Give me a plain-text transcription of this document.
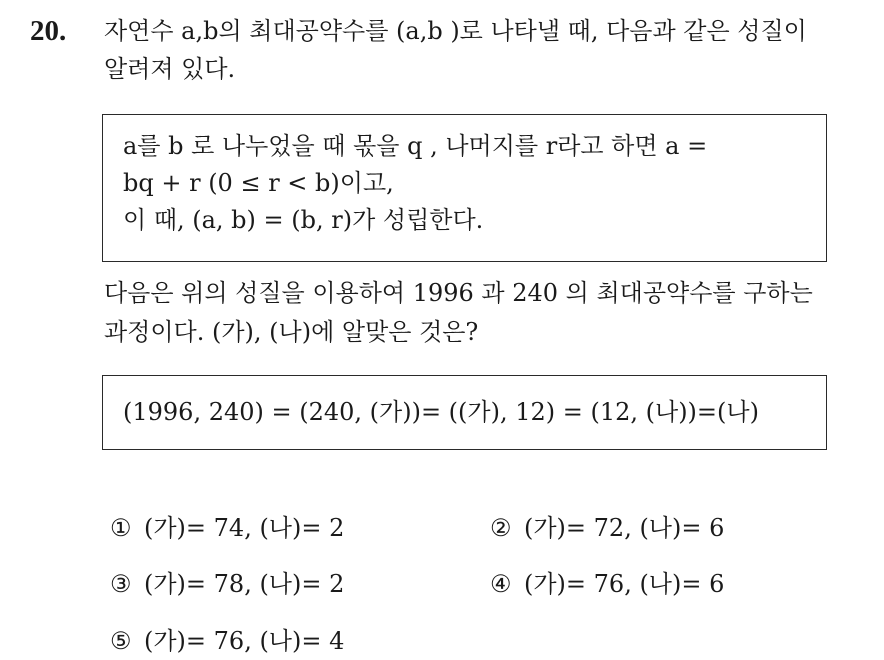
20. 자연수 a,b의 최대공약수를 (a,b )로 나타낼 때, 다음과 같은 성질이
알려져 있다.
a를 b 로 나누었을 때 몫을 q , 나머지를 r라고 하면 a =
bq + r (0 ≤ r < b)이고,
이 때, (a, b) = (b, r)가 성립한다.
다음은 위의 성질을 이용하여 1996 과 240 의 최대공약수를 구하는
과정이다. (가), (나)에 알맞은 것은?
(1996, 240) = (240, (가))= ((가), 12) = (12, (나))=(나)
① (가)= 74, (나)= 2	② (가)= 72, (나)= 6
③ (가)= 78, (나)= 2	④ (가)= 76, (나)= 6
⑤ (가)= 76, (나)= 4
